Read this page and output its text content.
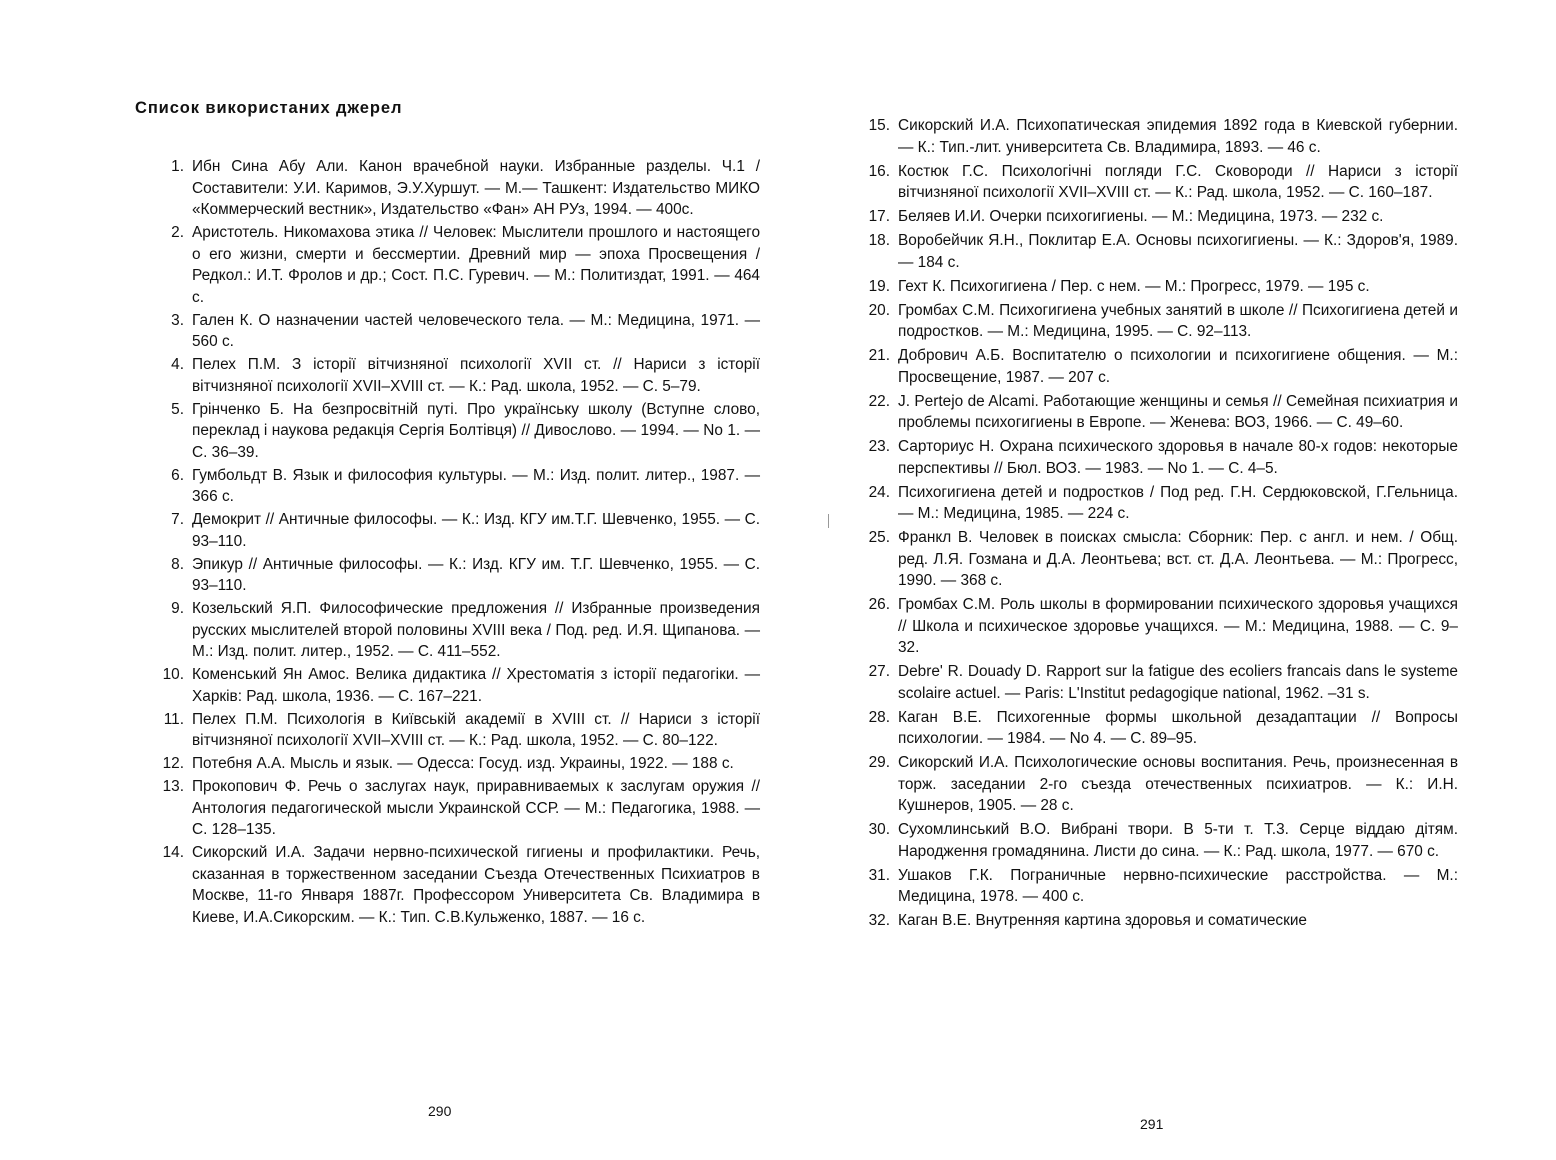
Список використаних джерел
1. Ибн Сина Абу Али. Канон врачебной науки. Избранные разделы. Ч.1 / Составители: У.И. Каримов, Э.У.Хуршут. — М.— Ташкент: Издательство МИКО «Коммерческий вестник», Издательство «Фан» АН РУз, 1994. — 400с.
2. Аристотель. Никомахова этика // Человек: Мыслители прошлого и настоящего о его жизни, смерти и бессмертии. Древний мир — эпоха Просвещения / Редкол.: И.Т. Фролов и др.; Сост. П.С. Гуревич. — М.: Политиздат, 1991. — 464 с.
3. Гален К. О назначении частей человеческого тела. — М.: Медицина, 1971. — 560 с.
4. Пелех П.М. З історії вітчизняної психології XVII ст. // Нариси з історії вітчизняної психології XVII–XVIII ст. — К.: Рад. школа, 1952. — С. 5–79.
5. Грінченко Б. На безпросвітній путі. Про українську школу (Вступне слово, переклад і наукова редакція Сергія Болтівця) // Дивослово. — 1994. — No 1. — С. 36–39.
6. Гумбольдт В. Язык и философия культуры. — М.: Изд. полит. литер., 1987. — 366 с.
7. Демокрит // Античные философы. — К.: Изд. КГУ им.Т.Г. Шевченко, 1955. — С. 93–110.
8. Эпикур // Античные философы. — К.: Изд. КГУ им. Т.Г. Шевченко, 1955. — С. 93–110.
9. Козельский Я.П. Философические предложения // Избранные произведения русских мыслителей второй половины XVIII века / Под. ред. И.Я. Щипанова. — М.: Изд. полит. литер., 1952. — С. 411–552.
10. Коменський Ян Амос. Велика дидактика // Хрестоматія з історії педагогіки. — Харків: Рад. школа, 1936. — С. 167–221.
11. Пелех П.М. Психологія в Київській академії в XVIII ст. // Нариси з історії вітчизняної психології XVII–XVIII ст. — К.: Рад. школа, 1952. — С. 80–122.
12. Потебня А.А. Мысль и язык. — Одесса: Госуд. изд. Украины, 1922. — 188 с.
13. Прокопович Ф. Речь о заслугах наук, приравниваемых к заслугам оружия // Антология педагогической мысли Украинской ССР. — М.: Педагогика, 1988. — С. 128–135.
14. Сикорский И.А. Задачи нервно-психической гигиены и профилактики. Речь, сказанная в торжественном заседании Съезда Отечественных Психиатров в Москве, 11-го Января 1887г. Профессором Университета Св. Владимира в Киеве, И.А.Сикорским. — К.: Тип. С.В.Кульженко, 1887. — 16 с.

290

15. Сикорский И.А. Психопатическая эпидемия 1892 года в Киевской губернии. — К.: Тип.-лит. университета Св. Владимира, 1893. — 46 с.
16. Костюк Г.С. Психологічні погляди Г.С. Сковороди // Нариси з історії вітчизняної психології XVII–XVIII ст. — К.: Рад. школа, 1952. — С. 160–187.
17. Беляев И.И. Очерки психогигиены. — М.: Медицина, 1973. — 232 с.
18. Воробейчик Я.Н., Поклитар Е.А. Основы психогигиены. — К.: Здоров'я, 1989. — 184 с.
19. Гехт К. Психогигиена / Пер. с нем. — М.: Прогресс, 1979. — 195 с.
20. Громбах С.М. Психогигиена учебных занятий в школе // Психогигиена детей и подростков. — М.: Медицина, 1995. — С. 92–113.
21. Добрович А.Б. Воспитателю о психологии и психогигиене общения. — М.: Просвещение, 1987. — 207 с.
22. J. Pertejo de Alcami. Работающие женщины и семья // Семейная психиатрия и проблемы психогигиены в Европе. — Женева: ВОЗ, 1966. — С. 49–60.
23. Сарториус Н. Охрана психического здоровья в начале 80-х годов: некоторые перспективы // Бюл. ВОЗ. — 1983. — No 1. — С. 4–5.
24. Психогигиена детей и подростков / Под ред. Г.Н. Сердюковской, Г.Гельница. — М.: Медицина, 1985. — 224 с.
25. Франкл В. Человек в поисках смысла: Сборник: Пер. с англ. и нем. / Общ. ред. Л.Я. Гозмана и Д.А. Леонтьева; вст. ст. Д.А. Леонтьева. — М.: Прогресс, 1990. — 368 с.
26. Громбах С.М. Роль школы в формировании психического здоровья учащихся // Школа и психическое здоровье учащихся. — М.: Медицина, 1988. — С. 9–32.
27. Debre' R. Douady D. Rapport sur la fatigue des ecoliers francais dans le systeme scolaire actuel. — Paris: L'Institut pedagogique national, 1962. –31 s.
28. Каган В.Е. Психогенные формы школьной дезадаптации // Вопросы психологии. — 1984. — No 4. — С. 89–95.
29. Сикорский И.А. Психологические основы воспитания. Речь, произнесенная в торж. заседании 2-го съезда отечественных психиатров. — К.: И.Н. Кушнеров, 1905. — 28 с.
30. Сухомлинський В.О. Вибрані твори. В 5-ти т. Т.3. Серце віддаю дітям. Народження громадянина. Листи до сина. — К.: Рад. школа, 1977. — 670 с.
31. Ушаков Г.К. Пограничные нервно-психические расстройства. — М.: Медицина, 1978. — 400 с.
32. Каган В.Е. Внутренняя картина здоровья и соматические

291
